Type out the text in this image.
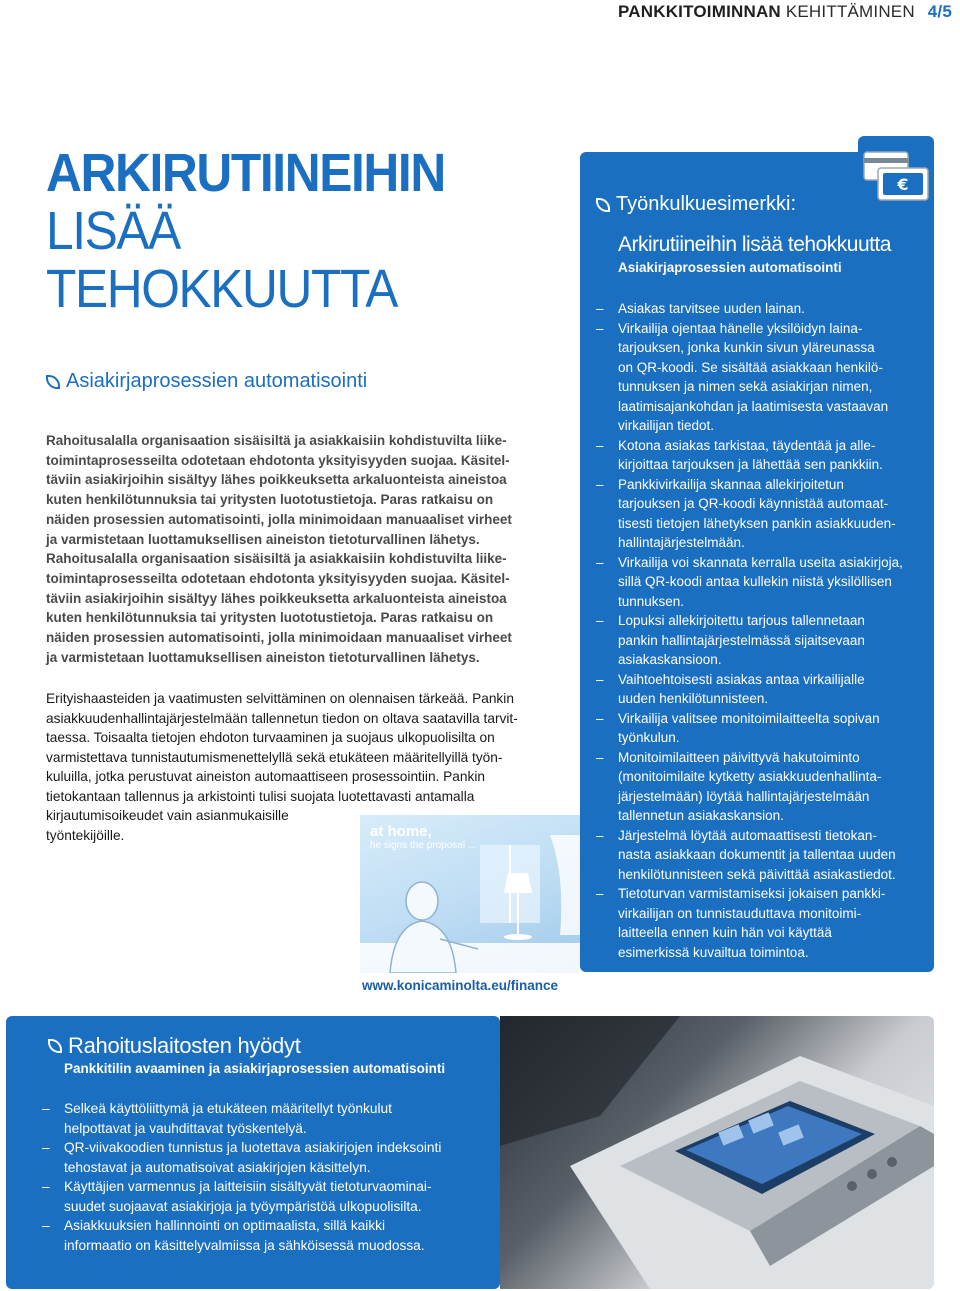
PANKKITOIMINNAN KEHITTÄMINEN 4/5
ARKIRUTIINEIHIN
LISÄÄ
TEHOKKUUTTA
Asiakirjaprosessien automatisointi
Rahoitusalalla organisaation sisäisiltä ja asiakkaisiin kohdistuvilta liike-
toimintaprosesseilta odotetaan ehdotonta yksityisyyden suojaa. Käsitel-
täviin asiakirjoihin sisältyy lähes poikkeuksetta arkaluonteista aineistoa
kuten henkilötunnuksia tai yritysten luototustietoja. Paras ratkaisu on
näiden prosessien automatisointi, jolla minimoidaan manuaaliset virheet
ja varmistetaan luottamuksellisen aineiston tietoturvallinen lähetys.
Rahoitusalalla organisaation sisäisiltä ja asiakkaisiin kohdistuvilta liike-
toimintaprosesseilta odotetaan ehdotonta yksityisyyden suojaa. Käsitel-
täviin asiakirjoihin sisältyy lähes poikkeuksetta arkaluonteista aineistoa
kuten henkilötunnuksia tai yritysten luototustietoja. Paras ratkaisu on
näiden prosessien automatisointi, jolla minimoidaan manuaaliset virheet
ja varmistetaan luottamuksellisen aineiston tietoturvallinen lähetys.
Erityishaasteiden ja vaatimusten selvittäminen on olennaisen tärkeää. Pankin
asiakkuudenhallintajärjestelmään tallennetun tiedon on oltava saatavilla tarvit-
taessa. Toisaalta tietojen ehdoton turvaaminen ja suojaus ulkopuolisilta on
varmistettava tunnistautumismenettelyllä sekä etukäteen määritellyillä työn-
kuluilla, jotka perustuvat aineiston automaattiseen prosessointiin. Pankin
tietokantaan tallennus ja arkistointi tulisi suojata luotettavasti antamalla
kirjautumisoikeudet vain asianmukaisille
työntekijöille.	at home,
he signs the proposal ...
www.konicaminolta.eu/finance
€
Työnkulkuesimerkki:
Arkirutiineihin lisää tehokkuutta
Asiakirjaprosessien automatisointi
– Asiakas tarvitsee uuden lainan.
– Virkailija ojentaa hänelle yksilöidyn laina-
tarjouksen, jonka kunkin sivun yläreunassa
on QR-koodi. Se sisältää asiakkaan henkilö-
tunnuksen ja nimen sekä asiakirjan nimen,
laatimisajankohdan ja laatimisesta vastaavan
virkailijan tiedot.
– Kotona asiakas tarkistaa, täydentää ja alle-
kirjoittaa tarjouksen ja lähettää sen pankkiin.
– Pankkivirkailija skannaa allekirjoitetun
tarjouksen ja QR-koodi käynnistää automaat-
tisesti tietojen lähetyksen pankin asiakkuuden-
hallintajärjestelmään.
– Virkailija voi skannata kerralla useita asiakirjoja,
sillä QR-koodi antaa kullekin niistä yksilöllisen
tunnuksen.
– Lopuksi allekirjoitettu tarjous tallennetaan
pankin hallintajärjestelmässä sijaitsevaan
asiakaskansioon.
– Vaihtoehtoisesti asiakas antaa virkailijalle
uuden henkilötunnisteen.
– Virkailija valitsee monitoimilaitteelta sopivan
työnkulun.
– Monitoimilaitteen päivittyvä hakutoiminto
(monitoimilaite kytketty asiakkuudenhallinta-
järjestelmään) löytää hallintajärjestelmään
tallennetun asiakaskansion.
– Järjestelmä löytää automaattisesti tietokan-
nasta asiakkaan dokumentit ja tallentaa uuden
henkilötunnisteen sekä päivittää asiakastiedot.
– Tietoturvan varmistamiseksi jokaisen pankki-
virkailijan on tunnistauduttava monitoimi-
laitteella ennen kuin hän voi käyttää
esimerkissä kuvailtua toimintoa.
Rahoituslaitosten hyödyt
Pankkitilin avaaminen ja asiakirjaprosessien automatisointi
– Selkeä käyttöliittymä ja etukäteen määritellyt työnkulut
helpottavat ja vauhdittavat työskentelyä.
– QR-viivakoodien tunnistus ja luotettava asiakirjojen indeksointi
tehostavat ja automatisoivat asiakirjojen käsittelyn.
– Käyttäjien varmennus ja laitteisiin sisältyvät tietoturvaominai-
suudet suojaavat asiakirjoja ja työympäristöä ulkopuolisilta.
– Asiakkuuksien hallinnointi on optimaalista, sillä kaikki
informaatio on käsittelyvalmiissa ja sähköisessä muodossa.
